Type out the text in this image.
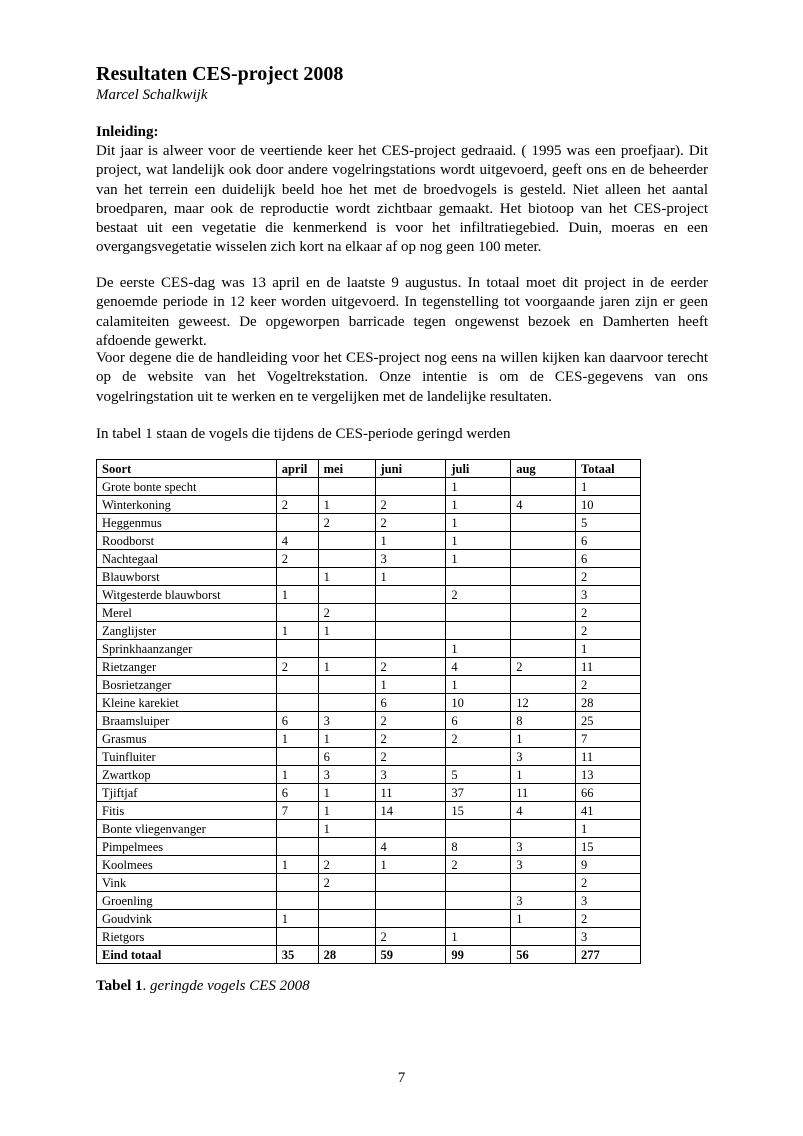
Resultaten CES-project 2008
Marcel Schalkwijk
Inleiding:

Dit jaar is alweer voor de veertiende keer het CES-project gedraaid. ( 1995 was een proefjaar). Dit project, wat landelijk ook door andere vogelringstations wordt uitgevoerd, geeft ons en de beheerder van het terrein een duidelijk beeld hoe het met de broedvogels is gesteld. Niet alleen het aantal broedparen, maar ook de reproductie wordt zichtbaar gemaakt. Het biotoop van het CES-project bestaat uit een vegetatie die kenmerkend is voor het infiltratiegebied. Duin, moeras en een overgangsvegetatie wisselen zich kort na elkaar af op nog geen 100 meter.

De eerste CES-dag was 13 april en de laatste 9 augustus. In totaal moet dit project in de eerder genoemde periode in 12 keer worden uitgevoerd. In tegenstelling tot voorgaande jaren zijn er geen calamiteiten geweest. De opgeworpen barricade tegen ongewenst bezoek en Damherten heeft afdoende gewerkt.

Voor degene die de handleiding voor het CES-project nog eens na willen kijken kan daarvoor terecht op de website van het Vogeltrekstation. Onze intentie is om de CES-gegevens van ons vogelringstation uit te werken en te vergelijken met de landelijke resultaten.

In tabel 1 staan de vogels die tijdens de CES-periode geringd werden
Soort	april	mei	juni	juli	aug	Totaal
Grote bonte specht				1		1
Winterkoning	2	1	2	1	4	10
Heggenmus		2	2	1		5
Roodborst	4		1	1		6
Nachtegaal	2		3	1		6
Blauwborst		1	1			2
Witgesterde blauwborst	1			2		3
Merel		2				2
Zanglijster	1	1				2
Sprinkhaanzanger				1		1
Rietzanger	2	1	2	4	2	11
Bosrietzanger			1	1		2
Kleine karekiet			6	10	12	28
Braamsluiper	6	3	2	6	8	25
Grasmus	1	1	2	2	1	7
Tuinfluiter		6	2		3	11
Zwartkop	1	3	3	5	1	13
Tjiftjaf	6	1	11	37	11	66
Fitis	7	1	14	15	4	41
Bonte vliegenvanger		1				1
Pimpelmees			4	8	3	15
Koolmees	1	2	1	2	3	9
Vink		2				2
Groenling					3	3
Goudvink	1				1	2
Rietgors			2	1		3
Eind totaal	35	28	59	99	56	277
Tabel 1. geringde vogels CES 2008
7
